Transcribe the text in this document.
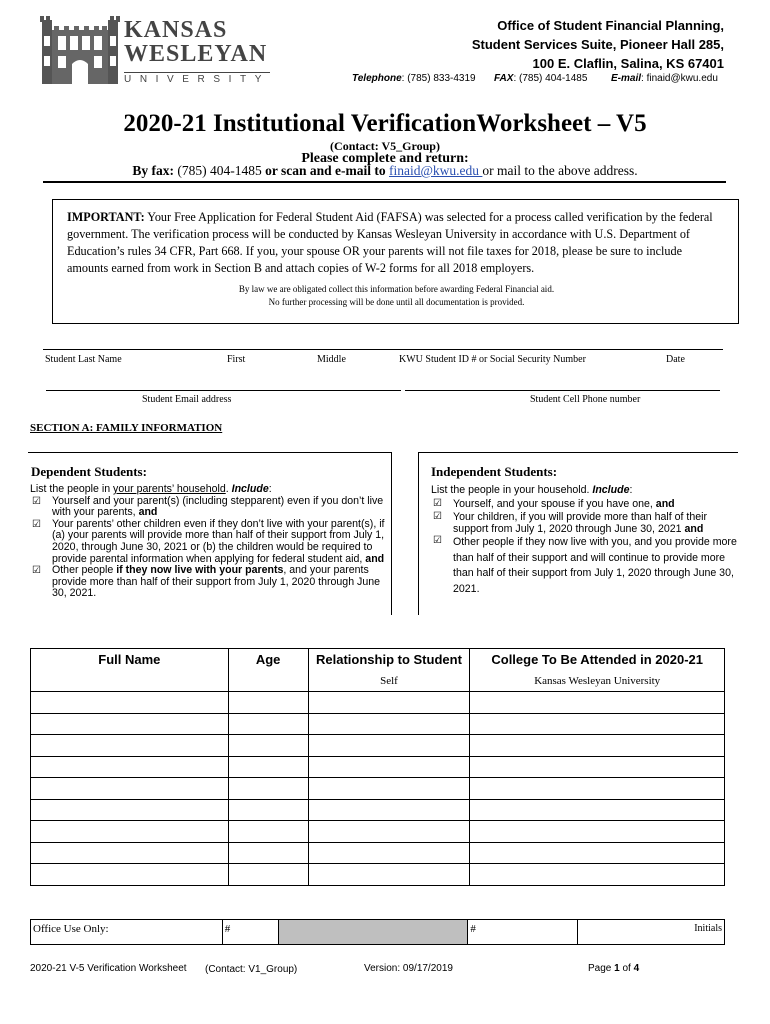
KANSAS
WESLEYAN
UNIVERSITY
Office of Student Financial Planning,
Student Services Suite, Pioneer Hall 285,
100 E. Claflin, Salina, KS 67401
Telephone: (785) 833-4319 FAX: (785) 404-1485 E-mail: finaid@kwu.edu
2020-21 Institutional VerificationWorksheet – V5
(Contact: V5_Group)
Please complete and return:
By fax: (785) 404-1485 or scan and e-mail to finaid@kwu.edu or mail to the above address.
IMPORTANT: Your Free Application for Federal Student Aid (FAFSA) was selected for a process called verification by the federal government. The verification process will be conducted by Kansas Wesleyan University in accordance with U.S. Department of Education’s rules 34 CFR, Part 668. If you, your spouse OR your parents will not file taxes for 2018, please be sure to include amounts earned from work in Section B and attach copies of W-2 forms for all 2018 employers.
By law we are obligated collect this information before awarding Federal Financial aid.
No further processing will be done until all documentation is provided.
Student Last Name	First	Middle	KWU Student ID # or Social Security Number	Date
Student Email address	Student Cell Phone number
SECTION A: FAMILY INFORMATION
Dependent Students:
List the people in your parents’ household. Include:
☑ Yourself and your parent(s) (including stepparent) even if you don’t live with your parents, and
☑ Your parents’ other children even if they don’t live with your parent(s), if (a) your parents will provide more than half of their support from July 1, 2020, through June 30, 2021 or (b) the children would be required to provide parental information when applying for federal student aid, and
☑ Other people if they now live with your parents, and your parents provide more than half of their support from July 1, 2020 through June 30, 2021.
Independent Students:
List the people in your household. Include:
☑ Yourself, and your spouse if you have one, and
☑ Your children, if you will provide more than half of their support from July 1, 2020 through June 30, 2021 and
☑ Other people if they now live with you, and you provide more than half of their support and will continue to provide more than half of their support from July 1, 2020 through June 30, 2021.
Full Name	Age	Relationship to Student	College To Be Attended in 2020-21
		Self	Kansas Wesleyan University

Office Use Only:	#		#	Initials
2020-21 V-5 Verification Worksheet (Contact: V1_Group)	Version: 09/17/2019	Page 1 of 4
